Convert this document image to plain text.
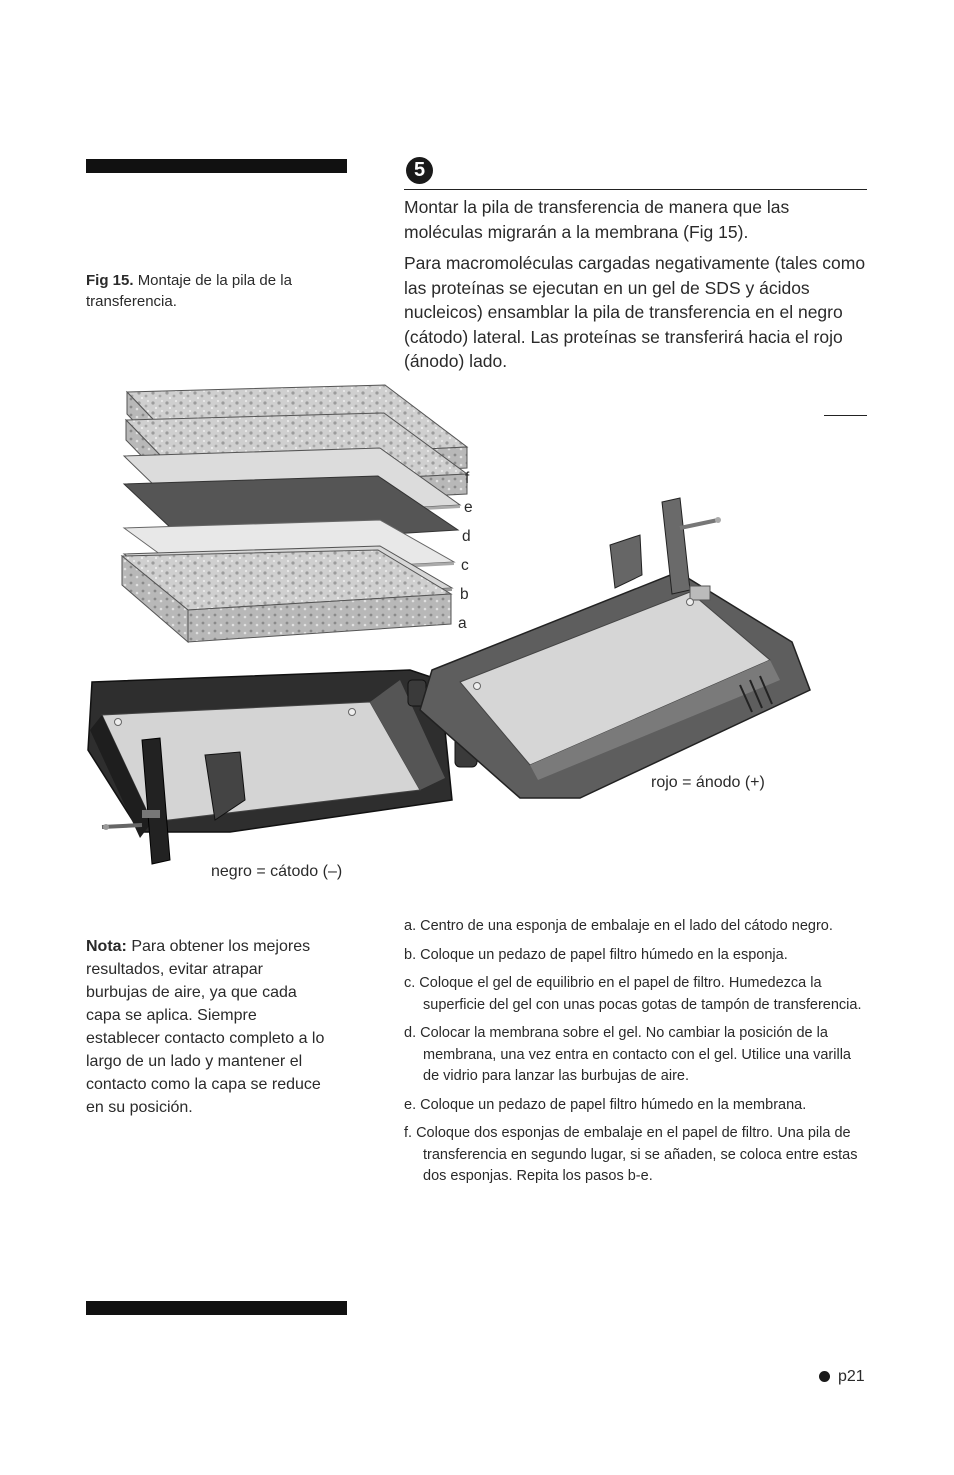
5
Montar la pila de transferencia de manera que las moléculas migrarán a la membrana (Fig 15).
Para macromoléculas cargadas negativamente (tales como las proteínas se ejecutan en un gel de SDS y ácidos nucleicos) ensamblar la pila de transferencia en el negro (cátodo) lateral. Las proteínas se transferirá hacia el rojo (ánodo) lado.
Fig 15. Montaje de la pila de la transferencia.
f
e
d
c
b
a
rojo = ánodo (+)
negro = cátodo (–)
Nota: Para obtener los mejores resultados, evitar atrapar burbujas de aire, ya que cada capa se aplica. Siempre establecer contacto completo a lo largo de un lado y mantener el contacto como la capa se reduce en su posición.
a. Centro de una esponja de embalaje en el lado del cátodo negro.
b. Coloque un pedazo de papel filtro húmedo en la esponja.
c. Coloque el gel de equilibrio en el papel de filtro. Humedezca la superficie del gel con unas pocas gotas de tampón de transferencia.
d. Colocar la membrana sobre el gel. No cambiar la posición de la membrana, una vez entra en contacto con el gel. Utilice una varilla de vidrio para lanzar las burbujas de aire.
e. Coloque un pedazo de papel filtro húmedo en la membrana.
f. Coloque dos esponjas de embalaje en el papel de filtro. Una pila de transferencia en segundo lugar, si se añaden, se coloca entre estas dos esponjas. Repita los pasos b-e.
p21
